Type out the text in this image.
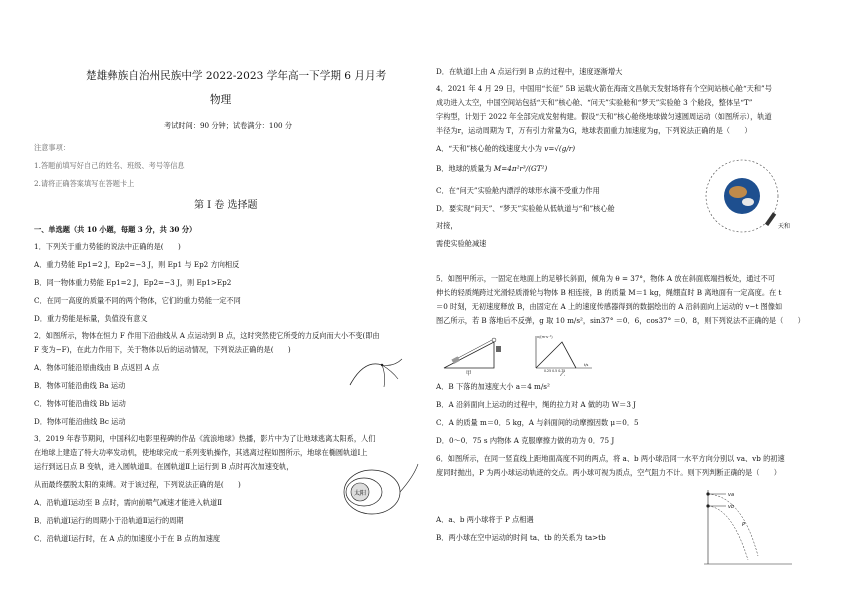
楚雄彝族自治州民族中学 2022-2023 学年高一下学期 6 月月考
物理
考试时间：90 分钟；试卷满分：100 分
注意事项：
1.答题前填写好自己的姓名、班级、考号等信息
2.请将正确答案填写在答题卡上
第 I 卷 选择题
一、单选题（共 10 小题，每题 3 分，共 30 分）
1．下列关于重力势能的说法中正确的是(　　)
A．重力势能 Ep1=2 J，Ep2=−3 J，则 Ep1 与 Ep2 方向相反
B．同一物体重力势能 Ep1=2 J，Ep2=−3 J，则 Ep1>Ep2
C．在同一高度的质量不同的两个物体，它们的重力势能一定不同
D．重力势能是标量，负值没有意义
2．如图所示，物体在恒力 F 作用下沿曲线从 A 点运动到 B 点，这时突然使它所受的力反向而大小不变(即由
F 变为−F)，在此力作用下，关于物体以后的运动情况，下列说法正确的是(　　)
A．物体可能沿原曲线由 B 点返回 A 点
B．物体可能沿曲线 Ba 运动
C．物体可能沿曲线 Bb 运动
D．物体可能沿曲线 Bc 运动
3．2019 年春节期间，中国科幻电影里程碑的作品《流浪地球》热播，影片中为了让地球逃离太阳系，人们
在地球上建造了特大功率发动机，使地球完成一系列变轨操作，其逃离过程如图所示，地球在椭圆轨道Ⅰ上
运行到远日点 B 变轨，进入圆轨道Ⅱ。在圆轨道Ⅱ上运行到 B 点时再次加速变轨，
从而最终摆脱太阳的束缚。对于该过程，下列说法正确的是(　　)
A．沿轨道Ⅰ运动至 B 点时，需向前喷气减速才能进入轨道Ⅱ
B．沿轨道Ⅰ运行的周期小于沿轨道Ⅱ运行的周期
C．沿轨道Ⅰ运行时，在 A 点的加速度小于在 B 点的加速度
太阳
D．在轨道Ⅰ上由 A 点运行到 B 点的过程中，速度逐渐增大
4．2021 年 4 月 29 日，中国用“长征” 5B 运载火箭在海南文昌航天发射场将有个空间站核心舱“天和”号
成功进入太空，中国空间站包括“天和”核心舱、“问天”实验舱和“梦天”实验舱 3 个舱段，整体呈“T”
字构型，计划于 2022 年全部完成发射构建。假设“天和”核心舱绕地球做匀速圆周运动（如图所示），轨道
半径为r，运动周期为 T，万有引力常量为G，地球表面重力加速度为g，下列说法正确的是（　　）
A．“天和”核心舱的线速度大小为 v=√(g/r)
B．地球的质量为 M=4π²r³/(GT²)
C．在“问天”实验舱内漂浮的球形水滴不受重力作用
D．要实现“问天”、“梦天”实验舱从低轨道与“和”核心舱
对接，
需使实验舱减速
天和
5．如图甲所示，一固定在地面上的足够长斜面，倾角为 θ = 37°，物体 A 放在斜面底端挡板处，通过不可
伸长的轻质绳跨过光滑轻质滑轮与物体 B 相连接，B 的质量 M＝1 kg，绳绷直时 B 离地面有一定高度。在 t
＝0 时刻，无初速度释放 B，由固定在 A 上的速度传感器得到的数据绘出的 A 沿斜面向上运动的 v−t 图像如
图乙所示，若 B 落地后不反弹，g 取 10 m/s²，sin37° ＝0．6，cos37° ＝0．8，则下列说法不正确的是（　　）
甲
v/(m·s⁻¹)
t/s
0.25 0.5 0.75
乙
A．B 下落的加速度大小 a＝4 m/s²
B．A 沿斜面向上运动的过程中，绳的拉力对 A 做的功 W＝3 J
C．A 的质量 m＝0．5 kg，A 与斜面间的动摩擦因数 μ＝0．5
D．0～0．75 s 内物体 A 克服摩擦力做的功为 0．75 J
6．如图所示，在同一竖直线上距地面高度不同的两点，将 a、b 两小球沿同一水平方向分别以 va、vb 的初速
度同时抛出，P 为两小球运动轨迹的交点。两小球可视为质点，空气阻力不计。则下列判断正确的是（　　）
A．a、b 两小球将于 P 点相遇
B．两小球在空中运动的时间 ta、tb 的关系为 ta>tb
va
vb
P
